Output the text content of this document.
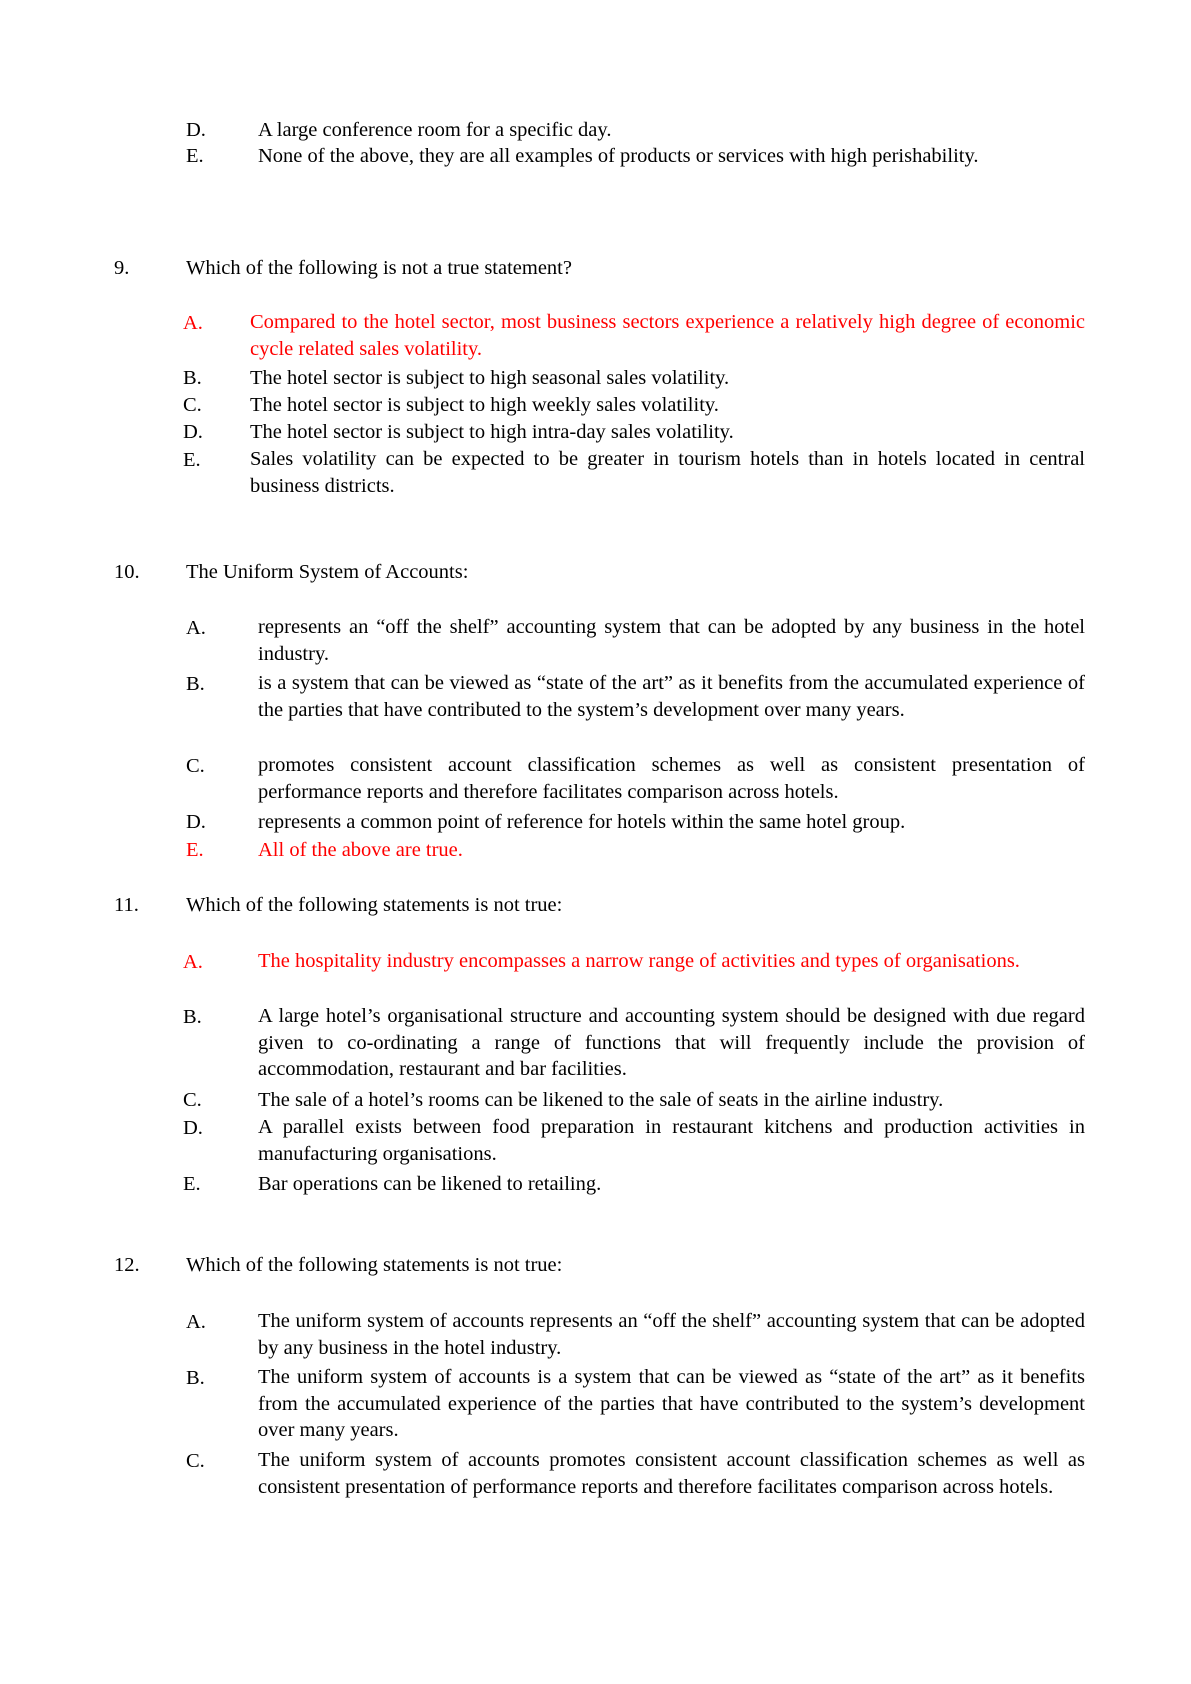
D.	A large conference room for a specific day.
E.	None of the above, they are all examples of products or services with high perishability.
9.	Which of the following is not a true statement?
A. Compared to the hotel sector, most business sectors experience a relatively high degree of economic cycle related sales volatility.
B. The hotel sector is subject to high seasonal sales volatility.
C. The hotel sector is subject to high weekly sales volatility.
D. The hotel sector is subject to high intra-day sales volatility.
E. Sales volatility can be expected to be greater in tourism hotels than in hotels located in central business districts.
10. The Uniform System of Accounts:
A.	represents an “off the shelf” accounting system that can be adopted by any business in the hotel industry.
B.	is a system that can be viewed as “state of the art” as it benefits from the accumulated experience of the parties that have contributed to the system’s development over many years.
C.	promotes consistent account classification schemes as well as consistent presentation of performance reports and therefore facilitates comparison across hotels.
D.	represents a common point of reference for hotels within the same hotel group.
E.	All of the above are true.
11. Which of the following statements is not true:
A.	The hospitality industry encompasses a narrow range of activities and types of organisations.
B.	A large hotel’s organisational structure and accounting system should be designed with due regard given to co-ordinating a range of functions that will frequently include the provision of accommodation, restaurant and bar facilities.
C.	The sale of a hotel’s rooms can be likened to the sale of seats in the airline industry.
D.	A parallel exists between food preparation in restaurant kitchens and production activities in manufacturing organisations.
E.	Bar operations can be likened to retailing.
12. Which of the following statements is not true:
A.	The uniform system of accounts represents an “off the shelf” accounting system that can be adopted by any business in the hotel industry.
B.	The uniform system of accounts is a system that can be viewed as “state of the art” as it benefits from the accumulated experience of the parties that have contributed to the system’s development over many years.
C.	The uniform system of accounts promotes consistent account classification schemes as well as consistent presentation of performance reports and therefore facilitates comparison across hotels.
